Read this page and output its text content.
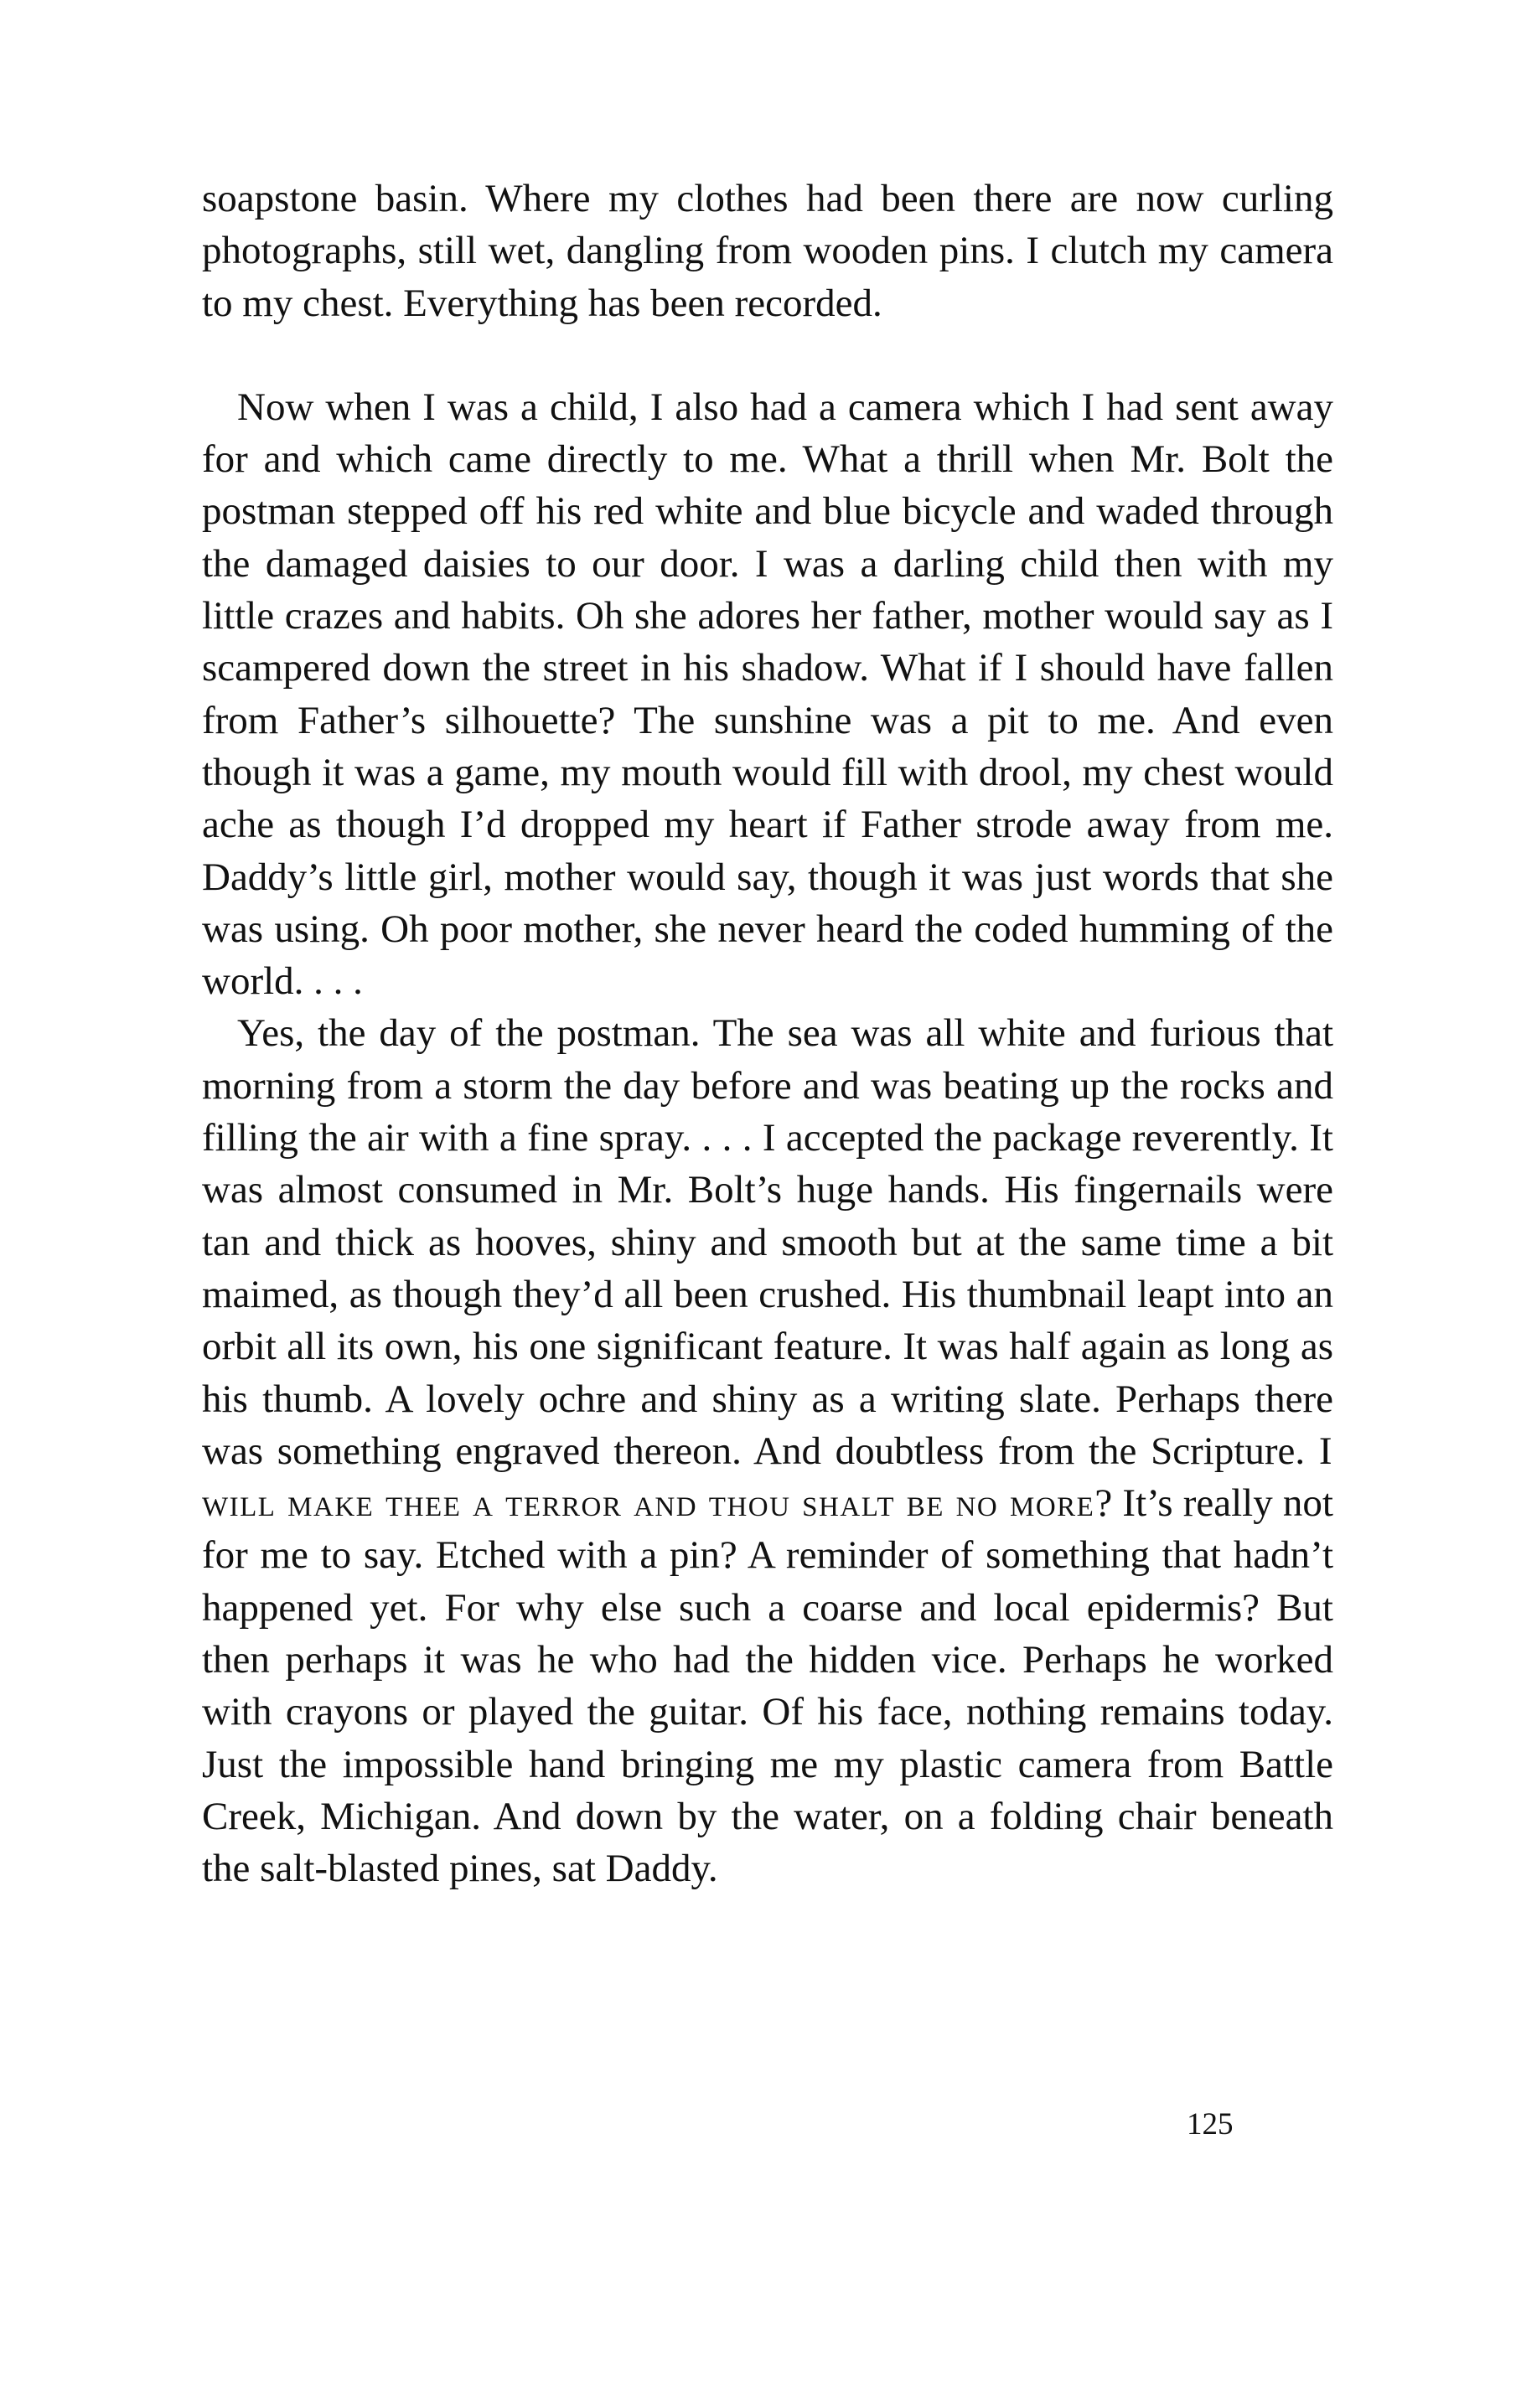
soapstone basin. Where my clothes had been there are now curling photographs, still wet, dangling from wooden pins. I clutch my camera to my chest. Everything has been recorded.

Now when I was a child, I also had a camera which I had sent away for and which came directly to me. What a thrill when Mr. Bolt the postman stepped off his red white and blue bicycle and waded through the damaged daisies to our door. I was a darling child then with my little crazes and habits. Oh she adores her father, mother would say as I scampered down the street in his shadow. What if I should have fallen from Father’s silhouette? The sunshine was a pit to me. And even though it was a game, my mouth would fill with drool, my chest would ache as though I’d dropped my heart if Father strode away from me. Daddy’s little girl, mother would say, though it was just words that she was using. Oh poor mother, she never heard the coded humming of the world. . . .

Yes, the day of the postman. The sea was all white and furious that morning from a storm the day before and was beating up the rocks and filling the air with a fine spray. . . . I accepted the package reverently. It was almost consumed in Mr. Bolt’s huge hands. His fingernails were tan and thick as hooves, shiny and smooth but at the same time a bit maimed, as though they’d all been crushed. His thumbnail leapt into an orbit all its own, his one significant feature. It was half again as long as his thumb. A lovely ochre and shiny as a writing slate. Perhaps there was something engraved thereon. And doubtless from the Scripture. I will make thee a terror and thou shalt be no more? It’s really not for me to say. Etched with a pin? A reminder of something that hadn’t happened yet. For why else such a coarse and local epidermis? But then perhaps it was he who had the hidden vice. Perhaps he worked with crayons or played the guitar. Of his face, nothing remains today. Just the impossible hand bringing me my plastic camera from Battle Creek, Michigan. And down by the water, on a folding chair beneath the salt-blasted pines, sat Daddy.

125
